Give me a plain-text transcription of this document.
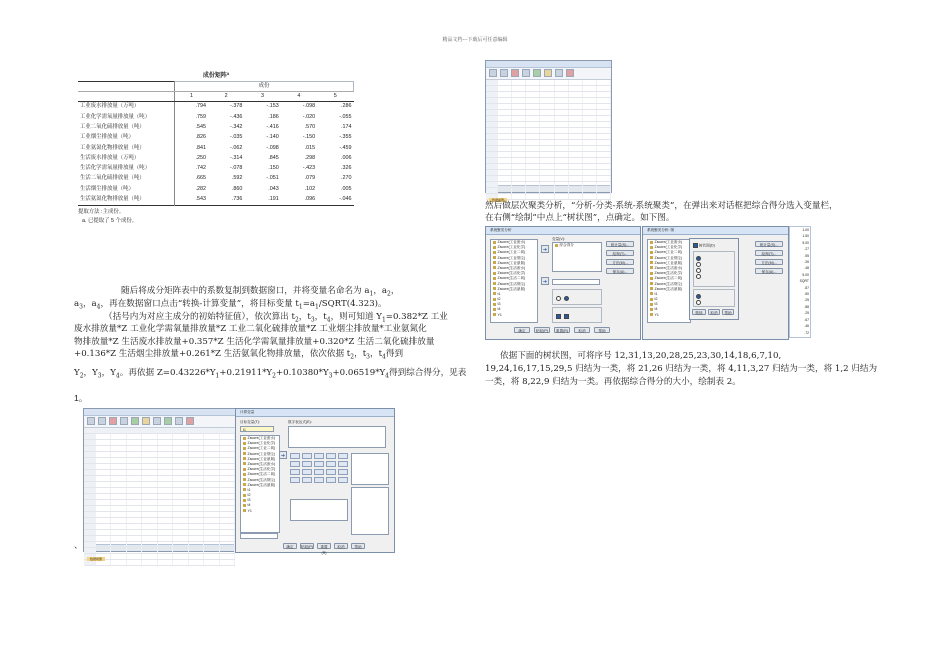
精品文档---下载后可任意编辑
成份矩阵ª
	成份				
	1	2	3	4	5
工业废水排放量（万吨）	.794	-.378	-.153	-.098	.286
工业化学需氧量排放量（吨）	.759	-.436	.186	-.020	-.055
工业二氧化硫排放量（吨）	.545	-.342	-.416	.570	.174
工业烟尘排放量（吨）	.826	-.035	-.140	-.150	-.355
工业氨氮化物排放量（吨）	.841	-.062	-.098	.015	-.459
生活废水排放量（万吨）	.250	-.314	.845	.298	.006
生活化学需氧量排放量（吨）	.742	-.078	.150	-.423	.326
生活二氧化硫排放量（吨）	.665	.592	-.051	.079	.270
生活烟尘排放量（吨）	.282	.860	.043	.102	.005
生活氨氮化物排放量（吨）	.543	.736	.191	.096	-.046
提取方法 :主成份。
a. 已提取了 5 个成份。
随后将成分矩阵表中的系数复制到数据窗口，并将变量名命名为 $a_1$，$a_2$，
$a_3$，$a_4$，再在数据窗口点击“转换-计算变量”，将目标变量 $t_1=a_1/SQRT(4.323)$。
（括号内为对应主成分的初始特征值），依次算出 $t_2$，$t_3$，$t_4$，则可知道 $Y_1=0.382*Z$ 工业
废水排放量*Z 工业化学需氧量排放量*Z 工业二氧化硫排放量*Z 工业烟尘排放量*工业氨氮化
物排放量*Z 生活废水排放量+0.357*Z 生活化学需氧量排放量+0.320*Z 生活二氧化硫排放量
+0.136*Z 生活烟尘排放量+0.261*Z 生活氨氧化物排放量，依次依据 $t_2$，$t_3$，$t_4$得到
$Y_2$，$Y_3$，$Y_4$。再依据 $Z=0.43226*Y_1+0.21911*Y_2+0.10380*Y_3+0.06519*Y_4$得到综合得分，见表
1。
数据视图
计算变量
目标变量(T):
t1
数字表达式(E):
Zscore(工业废水)
Zscore(工业化学)
Zscore(工业二氧)
Zscore(工业烟尘)
Zscore(工业氨氮)
Zscore(生活废水)
Zscore(生活化学)
Zscore(生活二氧)
Zscore(生活烟尘)
Zscore(生活氨氮)
t1
t2
t3
t4
Y1
➜
确定	粘贴(P)	重置(R)
取消	帮助
、
数据视图
然后做层次聚类分析，“分析-分类-系统-系统聚类”，在弹出来对话框把综合得分选入变量栏，
在右侧“绘制”中点上“树状图”，点确定。如下图。
系统聚类分析
Zscore(工业废水)
Zscore(工业化学)
Zscore(工业二氧)
Zscore(工业烟尘)
Zscore(工业氨氮)
Zscore(生活废水)
Zscore(生活化学)
Zscore(生活二氧)
Zscore(生活烟尘)
Zscore(生活氨氮)
t1
t2
t3
t4
Y1
➜
变量(V):
综合得分
➜

统计量(S)...
绘制(T)...
方法(M)...
保存(A)...
确定	粘贴(P)	重置(R)	取消	帮助
系统聚类分析: 图
Zscore(工业废水)
Zscore(工业化学)
Zscore(工业二氧)
Zscore(工业烟尘)
Zscore(工业氨氮)
Zscore(生活废水)
Zscore(生活化学)
Zscore(生活二氧)
Zscore(生活烟尘)
Zscore(生活氨氮)
t1
t2
t3
t4
Y1
树状图(D)

继续	取消	帮助
统计量(S)...
绘制(T)...
方法(M)...
保存(A)...
1.00
1.50
5.00
.27
.55
.26
.48
5.00
SQRT
.87
.50
.25
.88
.25
.67
.46
.72
依据下面的树状图，可将序号 12,31,13,20,28,25,23,30,14,18,6,7,10,
19,24,16,17,15,29,5 归结为一类，将 21,26 归结为一类，将 4,11,3,27 归结为一类，将 1,2 归结为
一类，将 8,22,9 归结为一类。再依据综合得分的大小，绘制表 2。
